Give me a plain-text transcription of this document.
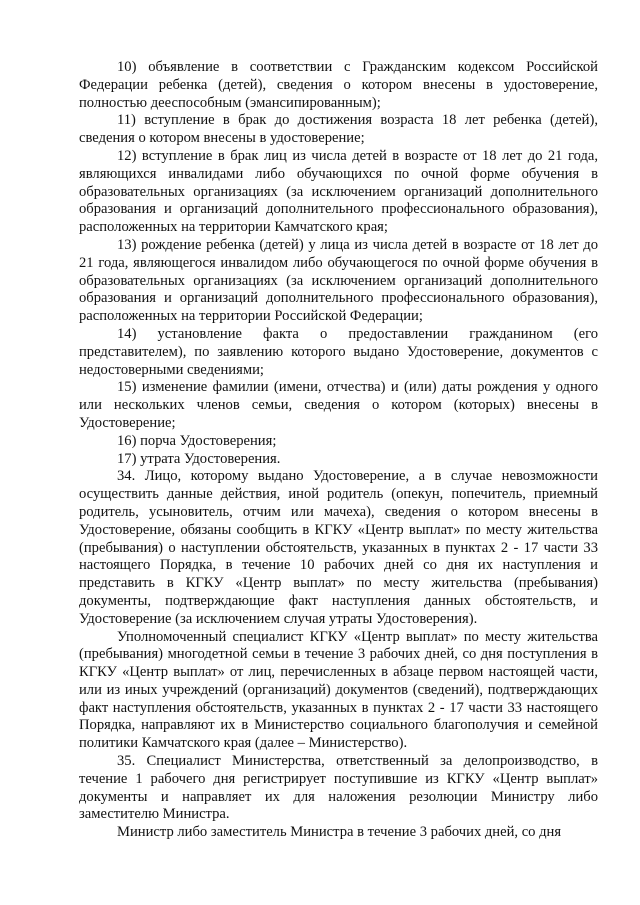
10) объявление в соответствии с Гражданским кодексом Российской Федерации ребенка (детей), сведения о котором внесены в удостоверение, полностью дееспособным (эмансипированным);

11) вступление в брак до достижения возраста 18 лет ребенка (детей), сведения о котором внесены в удостоверение;

12) вступление в брак лиц из числа детей в возрасте от 18 лет до 21 года, являющихся инвалидами либо обучающихся по очной форме обучения в образовательных организациях (за исключением организаций дополнительного образования и организаций дополнительного профессионального образования), расположенных на территории Камчатского края;

13) рождение ребенка (детей) у лица из числа детей в возрасте от 18 лет до 21 года, являющегося инвалидом либо обучающегося по очной форме обучения в образовательных организациях (за исключением организаций дополнительного образования и организаций дополнительного профессионального образования), расположенных на территории Российской Федерации;

14) установление факта о предоставлении гражданином (его представителем), по заявлению которого выдано Удостоверение, документов с недостоверными сведениями;

15) изменение фамилии (имени, отчества) и (или) даты рождения у одного или нескольких членов семьи, сведения о котором (которых) внесены в Удостоверение;

16) порча Удостоверения;

17) утрата Удостоверения.

34. Лицо, которому выдано Удостоверение, а в случае невозможности осуществить данные действия, иной родитель (опекун, попечитель, приемный родитель, усыновитель, отчим или мачеха), сведения о котором внесены в Удостоверение, обязаны сообщить в КГКУ «Центр выплат» по месту жительства (пребывания) о наступлении обстоятельств, указанных в пунктах 2 - 17 части 33 настоящего Порядка, в течение 10 рабочих дней со дня их наступления и представить в КГКУ «Центр выплат» по месту жительства (пребывания) документы, подтверждающие факт наступления данных обстоятельств, и Удостоверение (за исключением случая утраты Удостоверения).

Уполномоченный специалист КГКУ «Центр выплат» по месту жительства (пребывания) многодетной семьи в течение 3 рабочих дней, со дня поступления в КГКУ «Центр выплат» от лиц, перечисленных в абзаце первом настоящей части, или из иных учреждений (организаций) документов (сведений), подтверждающих факт наступления обстоятельств, указанных в пунктах 2 - 17 части 33 настоящего Порядка, направляют их в Министерство социального благополучия и семейной политики Камчатского края (далее – Министерство).

35. Специалист Министерства, ответственный за делопроизводство, в течение 1 рабочего дня регистрирует поступившие из КГКУ «Центр выплат» документы и направляет их для наложения резолюции Министру либо заместителю Министра.

Министр либо заместитель Министра в течение 3 рабочих дней, со дня
